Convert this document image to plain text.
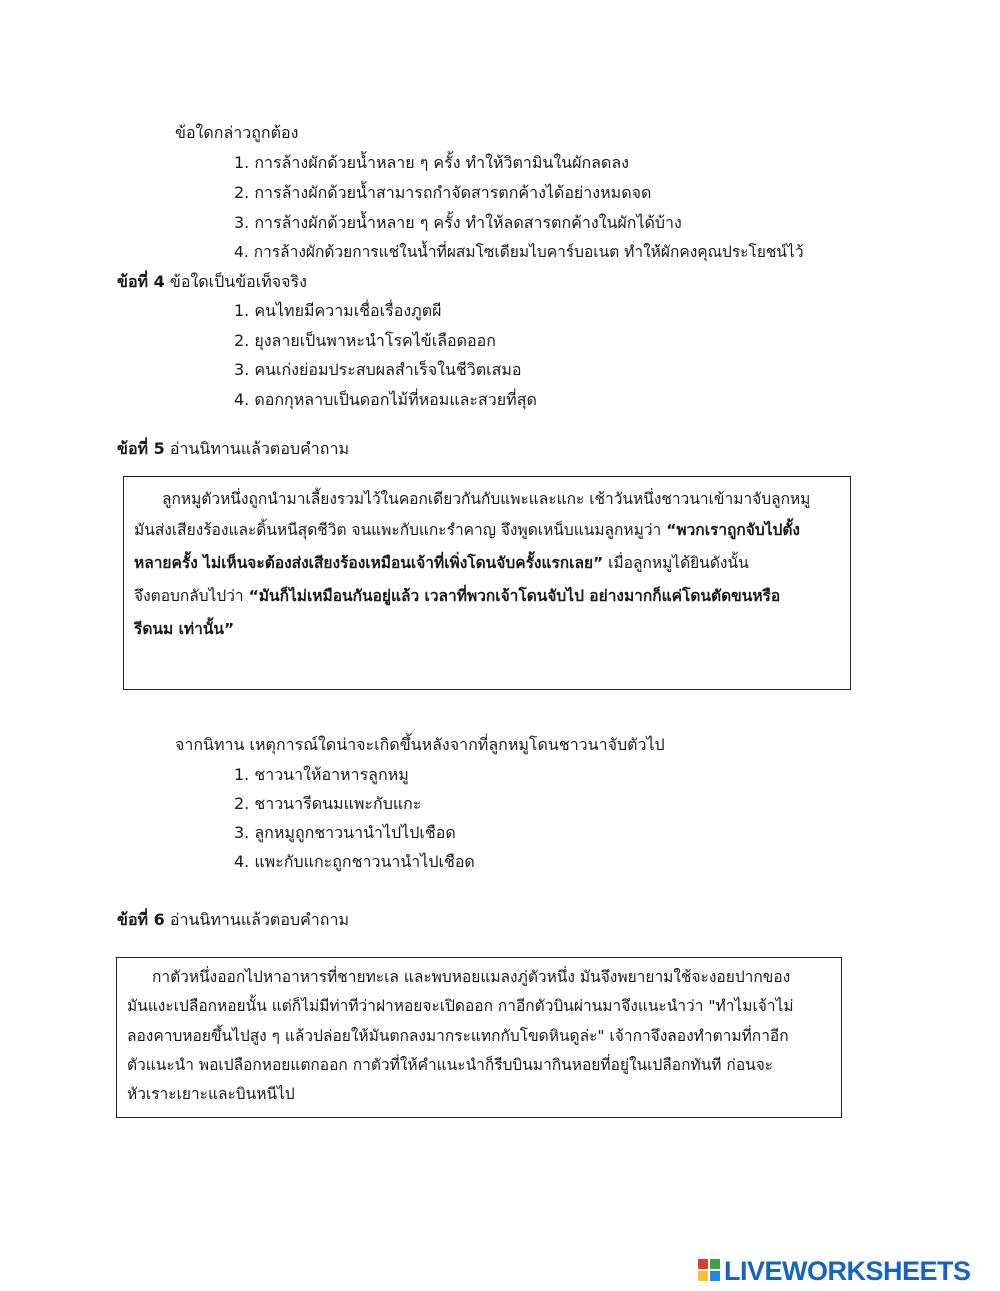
ข้อใดกล่าวถูกต้อง
1. การล้างผักด้วยน้ำหลาย ๆ ครั้ง ทำให้วิตามินในผักลดลง
2. การล้างผักด้วยน้ำสามารถกำจัดสารตกค้างได้อย่างหมดจด
3. การล้างผักด้วยน้ำหลาย ๆ ครั้ง ทำให้ลดสารตกค้างในผักได้บ้าง
4. การล้างผักด้วยการแช่ในน้ำที่ผสมโซเดียมไบคาร์บอเนต ทำให้ผักคงคุณประโยชน์ไว้
ข้อที่ 4 ข้อใดเป็นข้อเท็จจริง
1. คนไทยมีความเชื่อเรื่องภูตผี
2. ยุงลายเป็นพาหะนำโรคไข้เลือดออก
3. คนเก่งย่อมประสบผลสำเร็จในชีวิตเสมอ
4. ดอกกุหลาบเป็นดอกไม้ที่หอมและสวยที่สุด
ข้อที่ 5 อ่านนิทานแล้วตอบคำถาม
ลูกหมูตัวหนึ่งถูกนำมาเลี้ยงรวมไว้ในคอกเดียวกันกับแพะและแกะ เช้าวันหนึ่งชาวนาเข้ามาจับลูกหมู
มันส่งเสียงร้องและดิ้นหนีสุดชีวิต จนแพะกับแกะรำคาญ จึงพูดเหน็บแนมลูกหมูว่า “พวกเราถูกจับไปตั้ง
หลายครั้ง ไม่เห็นจะต้องส่งเสียงร้องเหมือนเจ้าที่เพิ่งโดนจับครั้งแรกเลย” เมื่อลูกหมูได้ยินดังนั้น
จึงตอบกลับไปว่า “มันก็ไม่เหมือนกันอยู่แล้ว เวลาที่พวกเจ้าโดนจับไป อย่างมากก็แค่โดนตัดขนหรือ
รีดนม เท่านั้น”
จากนิทาน เหตุการณ์ใดน่าจะเกิดขึ้นหลังจากที่ลูกหมูโดนชาวนาจับตัวไป
1. ชาวนาให้อาหารลูกหมู
2. ชาวนารีดนมแพะกับแกะ
3. ลูกหมูถูกชาวนานำไปไปเชือด
4. แพะกับแกะถูกชาวนานำไปเชือด
ข้อที่ 6 อ่านนิทานแล้วตอบคำถาม
กาตัวหนึ่งออกไปหาอาหารที่ชายทะเล และพบหอยแมลงภู่ตัวหนึ่ง มันจึงพยายามใช้จะงอยปากของ
มันแงะเปลือกหอยนั้น แต่ก็ไม่มีท่าทีว่าฝาหอยจะเปิดออก กาอีกตัวบินผ่านมาจึงแนะนำว่า "ทำไมเจ้าไม่
ลองคาบหอยขึ้นไปสูง ๆ แล้วปล่อยให้มันตกลงมากระแทกกับโขดหินดูล่ะ" เจ้ากาจึงลองทำตามที่กาอีก
ตัวแนะนำ พอเปลือกหอยแตกออก กาตัวที่ให้คำแนะนำก็รีบบินมากินหอยที่อยู่ในเปลือกทันที ก่อนจะ
หัวเราะเยาะและบินหนีไป
LIVEWORKSHEETS
